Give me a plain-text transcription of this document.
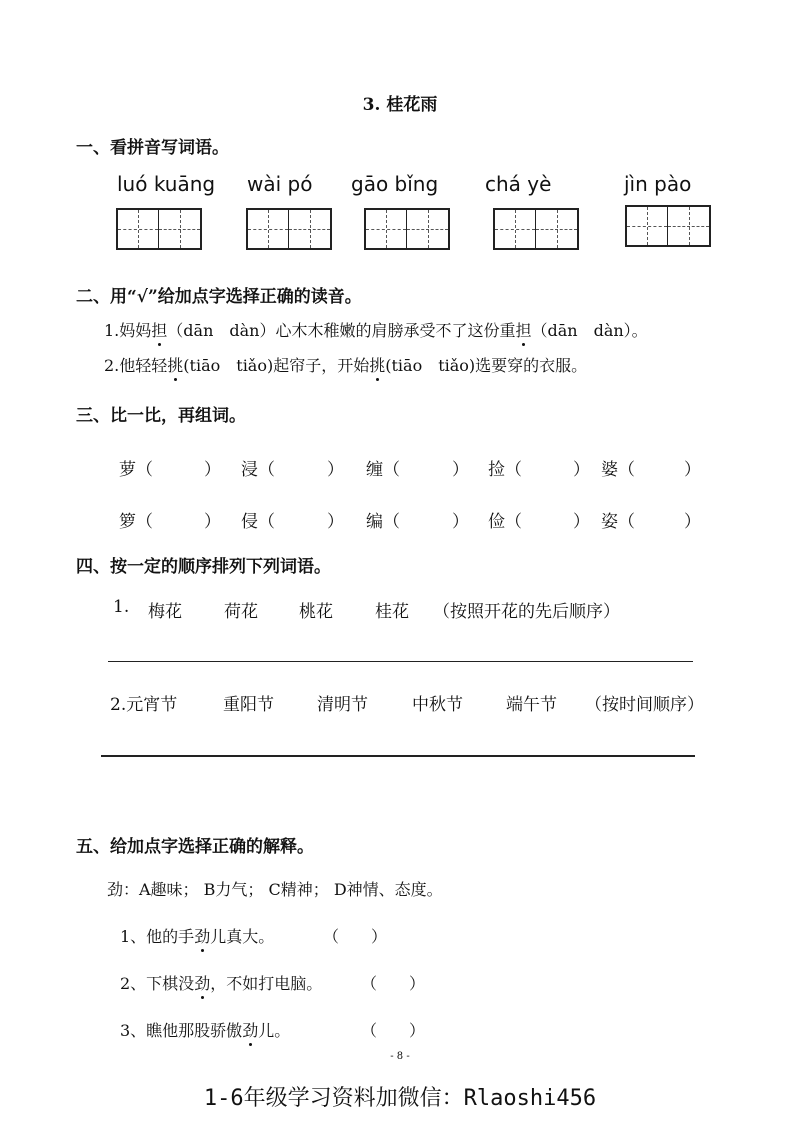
3. 桂花雨
一、看拼音写词语。
luó kuāng wài pó gāo bǐng chá yè	jìn pào
二、用“√”给加点字选择正确的读音。
1.妈妈担（dān　dàn）心木木稚嫩的肩膀承受不了这份重担（dān　dàn）。
2.他轻轻挑(tiāo　tiǎo)起帘子，开始挑(tiāo　tiǎo)选要穿的衣服。
三、比一比，再组词。
萝（	） 浸（	） 缠（	） 捡（	） 婆（	）
箩（	） 侵（	） 编（	） 俭（	） 姿（	）
四、按一定的顺序排列下列词语。
1. 梅花 荷花 桃花 桂花 （按照开花的先后顺序）
2.元宵节	重阳节	清明节	中秋节	端午节 （按时间顺序）
五、给加点字选择正确的解释。
劲：A趣味； B力气； C精神； D神情、态度。
1、他的手劲儿真大。	（　　）
2、下棋没劲，不如打电脑。 （　　）
3、瞧他那股骄傲劲儿。	（　　）
- 8 -
1-6年级学习资料加微信：Rlaoshi456
